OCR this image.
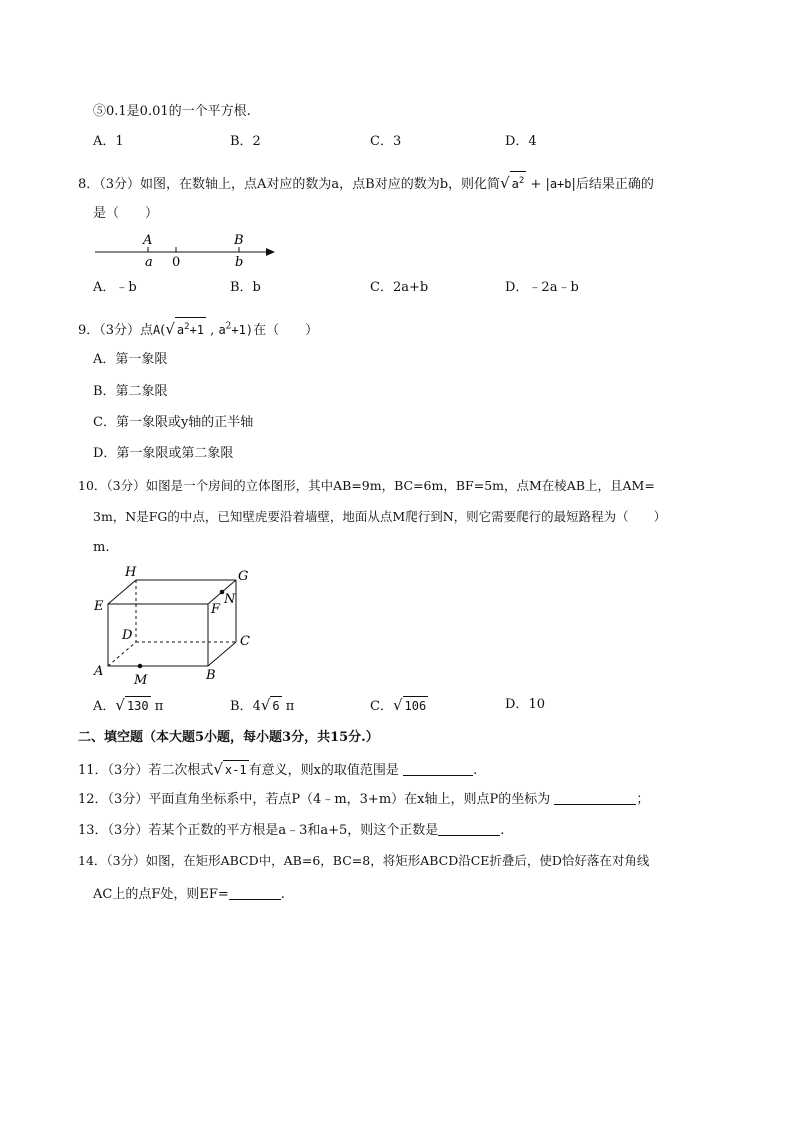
⑤0.1是0.01的一个平方根.
A．1	B．2	C．3	D．4
8．（3分）如图，在数轴上，点A对应的数为a，点B对应的数为b，则化简√ $a^2 + |a+b|$后结果正确的
是（　　）
A
a 0
B
b
A．﹣b	B．b	C．2a+b	D．﹣2a﹣b
9．（3分）点A(√ $a^2+1$ , $a^2+1$)在（　　）
A．第一象限
B．第二象限
C．第一象限或y轴的正半轴
D．第一象限或第二象限
10．（3分）如图是一个房间的立体图形，其中AB=9m，BC=6m，BF=5m，点M在棱AB上，且AM=
3m，N是FG的中点，已知壁虎要沿着墙壁，地面从点M爬行到N，则它需要爬行的最短路程为（　　）
m.
H	G
E	N
F
D	C
A	B
M
A．√ 130 π	B．4√ 6 π	C．√ 106	D．10
二、填空题（本大题5小题，每小题3分，共15分.）
11．（3分）若二次根式√ x-1 有意义，则x的取值范围是	.
12．（3分）平面直角坐标系中，若点P（4﹣m，3+m）在x轴上，则点P的坐标为	；
13．（3分）若某个正数的平方根是a﹣3和a+5，则这个正数是	.
14．（3分）如图，在矩形ABCD中，AB=6，BC=8，将矩形ABCD沿CE折叠后，使D恰好落在对角线
AC上的点F处，则EF=	.
